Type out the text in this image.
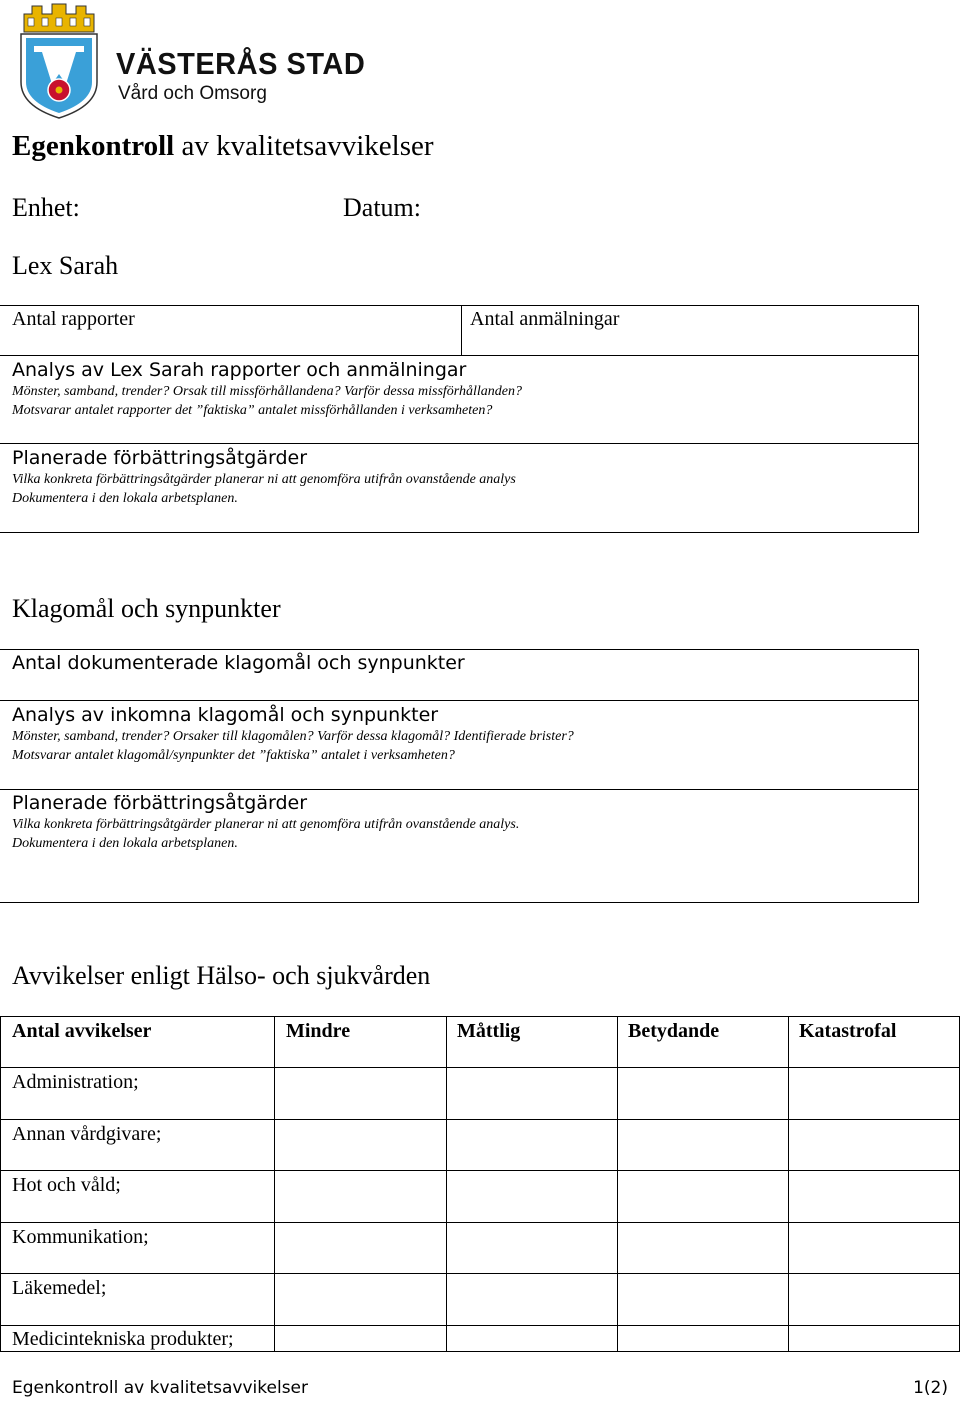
VÄSTERÅS STAD
Vård och Omsorg
Egenkontroll av kvalitetsavvikelser
Enhet:	Datum:
Lex Sarah
Antal rapporter	Antal anmälningar
Analys av Lex Sarah rapporter och anmälningar
Mönster, samband, trender? Orsak till missförhållandena? Varför dessa missförhållanden?
Motsvarar antalet rapporter det ”faktiska” antalet missförhållanden i verksamheten?
Planerade förbättringsåtgärder
Vilka konkreta förbättringsåtgärder planerar ni att genomföra utifrån ovanstående analys
Dokumentera i den lokala arbetsplanen.
Klagomål och synpunkter
Antal dokumenterade klagomål och synpunkter
Analys av inkomna klagomål och synpunkter
Mönster, samband, trender? Orsaker till klagomålen? Varför dessa klagomål? Identifierade brister?
Motsvarar antalet klagomål/synpunkter det ”faktiska” antalet i verksamheten?
Planerade förbättringsåtgärder
Vilka konkreta förbättringsåtgärder planerar ni att genomföra utifrån ovanstående analys.
Dokumentera i den lokala arbetsplanen.
Avvikelser enligt Hälso- och sjukvården
Antal avvikelser	Mindre	Måttlig	Betydande	Katastrofal
Administration;
Annan vårdgivare;
Hot och våld;
Kommunikation;
Läkemedel;
Medicintekniska produkter;
Egenkontroll av kvalitetsavvikelser	1(2)
